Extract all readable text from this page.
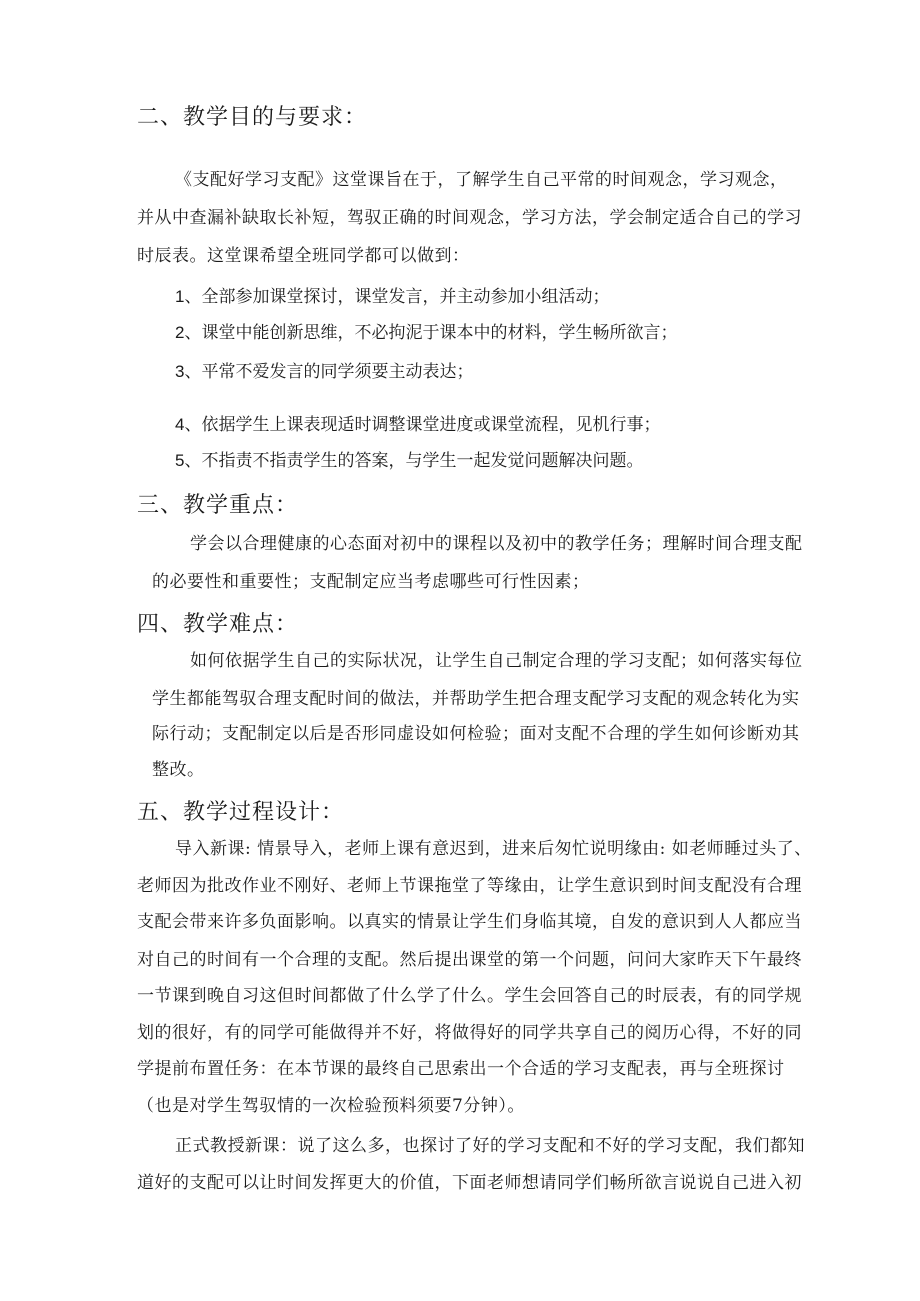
二、教学目的与要求：
《支配好学习支配》这堂课旨在于，了解学生自己平常的时间观念，学习观念，
并从中查漏补缺取长补短，驾驭正确的时间观念，学习方法，学会制定适合自己的学习
时辰表。这堂课希望全班同学都可以做到：
1、全部参加课堂探讨，课堂发言，并主动参加小组活动；
2、课堂中能创新思维，不必拘泥于课本中的材料，学生畅所欲言；
3、平常不爱发言的同学须要主动表达；
4、依据学生上课表现适时调整课堂进度或课堂流程，见机行事；
5、不指责不指责学生的答案，与学生一起发觉问题解决问题。
三、教学重点：
学会以合理健康的心态面对初中的课程以及初中的教学任务；理解时间合理支配
的必要性和重要性；支配制定应当考虑哪些可行性因素；
四、教学难点：
如何依据学生自己的实际状况，让学生自己制定合理的学习支配；如何落实每位
学生都能驾驭合理支配时间的做法，并帮助学生把合理支配学习支配的观念转化为实
际行动；支配制定以后是否形同虚设如何检验；面对支配不合理的学生如何诊断劝其
整改。
五、教学过程设计：
导入新课: 情景导入，老师上课有意迟到，进来后匆忙说明缘由: 如老师睡过头了、
老师因为批改作业不刚好、老师上节课拖堂了等缘由，让学生意识到时间支配没有合理
支配会带来许多负面影响。以真实的情景让学生们身临其境，自发的意识到人人都应当
对自己的时间有一个合理的支配。然后提出课堂的第一个问题，问问大家昨天下午最终
一节课到晚自习这但时间都做了什么学了什么。学生会回答自己的时辰表，有的同学规
划的很好，有的同学可能做得并不好，将做得好的同学共享自己的阅历心得，不好的同
学提前布置任务：在本节课的最终自己思索出一个合适的学习支配表，再与全班探讨
（也是对学生驾驭情的一次检验预料须要7分钟）。
正式教授新课：说了这么多，也探讨了好的学习支配和不好的学习支配，我们都知
道好的支配可以让时间发挥更大的价值，下面老师想请同学们畅所欲言说说自己进入初
